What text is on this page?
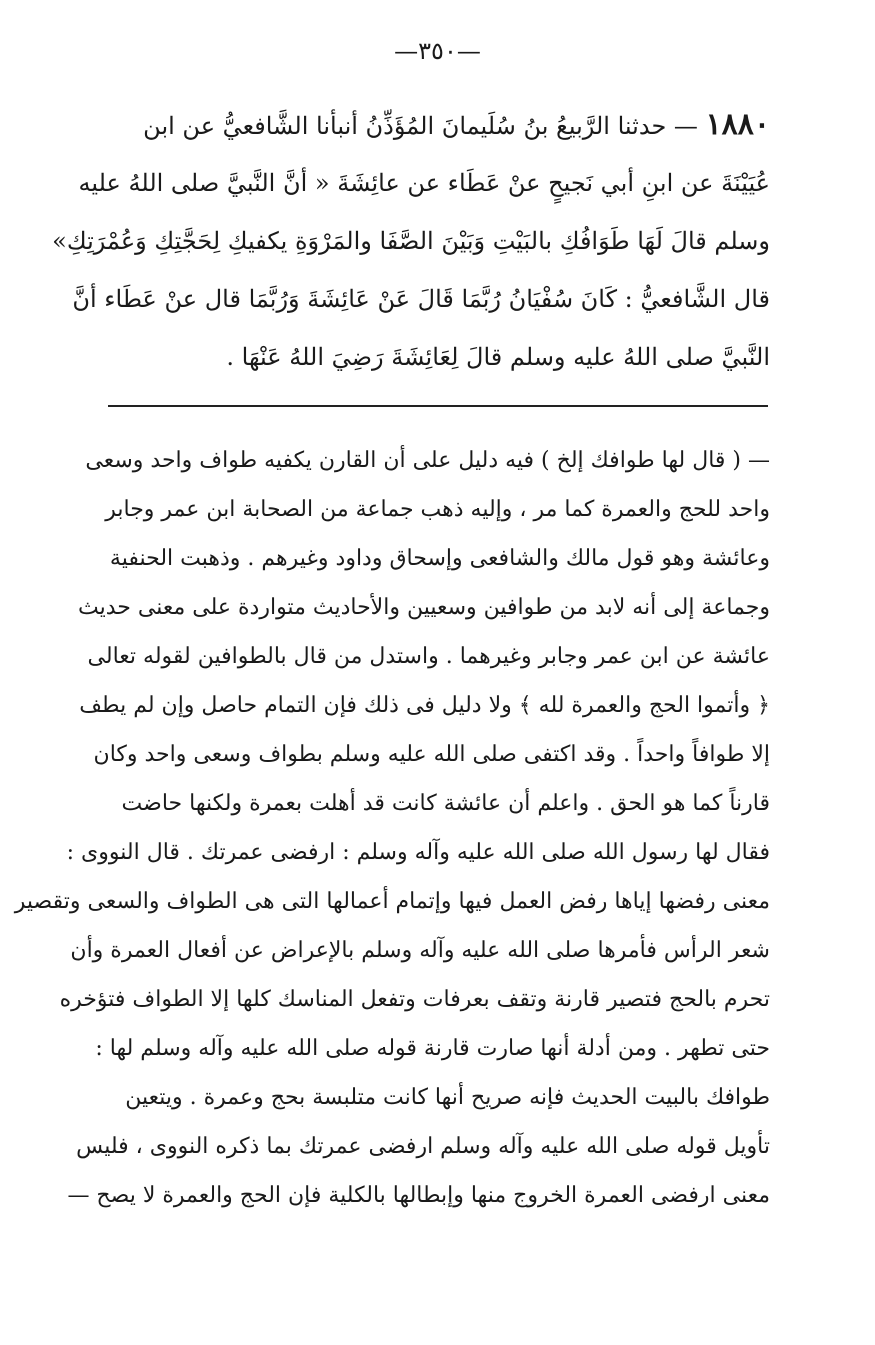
—٣٥٠—
١٨٨٠ — حدثنا الرَّبيعُ بنُ سُلَيمانَ المُؤَذِّنُ أنبأنا الشَّافعيُّ عن ابن
عُيَيْنَةَ عن ابنِ أبي نَجيحٍ عنْ عَطَاء عن عائِشَةَ « أنَّ النَّبيَّ صلى اللهُ عليه
وسلم قالَ لَهَا طَوَافُكِ بالبَيْتِ وَبَيْنَ الصَّفَا والمَرْوَةِ يكفيكِ لِحَجَّتِكِ وَعُمْرَتِكِ»
قال الشَّافعيُّ : كَانَ سُفْيَانُ رُبَّمَا قَالَ عَنْ عَائِشَةَ وَرُبَّمَا قال عنْ عَطَاء أنَّ
النَّبيَّ صلى اللهُ عليه وسلم قالَ لِعَائِشَةَ رَضِيَ اللهُ عَنْهَا .
— ( قال لها طوافك إلخ ) فيه دليل على أن القارن يكفيه طواف واحد وسعى
واحد للحج والعمرة كما مر ، وإليه ذهب جماعة من الصحابة ابن عمر وجابر
وعائشة وهو قول مالك والشافعى وإسحاق وداود وغيرهم . وذهبت الحنفية
وجماعة إلى أنه لابد من طوافين وسعيين والأحاديث متواردة على معنى حديث
عائشة عن ابن عمر وجابر وغيرهما . واستدل من قال بالطوافين لقوله تعالى
﴿ وأتموا الحج والعمرة لله ﴾ ولا دليل فى ذلك فإن التمام حاصل وإن لم يطف
إلا طوافاً واحداً . وقد اكتفى صلى الله عليه وسلم بطواف وسعى واحد وكان
قارناً كما هو الحق . واعلم أن عائشة كانت قد أهلت بعمرة ولكنها حاضت
فقال لها رسول الله صلى الله عليه وآله وسلم : ارفضى عمرتك . قال النووى :
معنى رفضها إياها رفض العمل فيها وإتمام أعمالها التى هى الطواف والسعى وتقصير
شعر الرأس فأمرها صلى الله عليه وآله وسلم بالإعراض عن أفعال العمرة وأن
تحرم بالحج فتصير قارنة وتقف بعرفات وتفعل المناسك كلها إلا الطواف فتؤخره
حتى تطهر . ومن أدلة أنها صارت قارنة قوله صلى الله عليه وآله وسلم لها :
طوافك بالبيت الحديث فإنه صريح أنها كانت متلبسة بحج وعمرة . ويتعين
تأويل قوله صلى الله عليه وآله وسلم ارفضى عمرتك بما ذكره النووى ، فليس
معنى ارفضى العمرة الخروج منها وإبطالها بالكلية فإن الحج والعمرة لا يصح —
